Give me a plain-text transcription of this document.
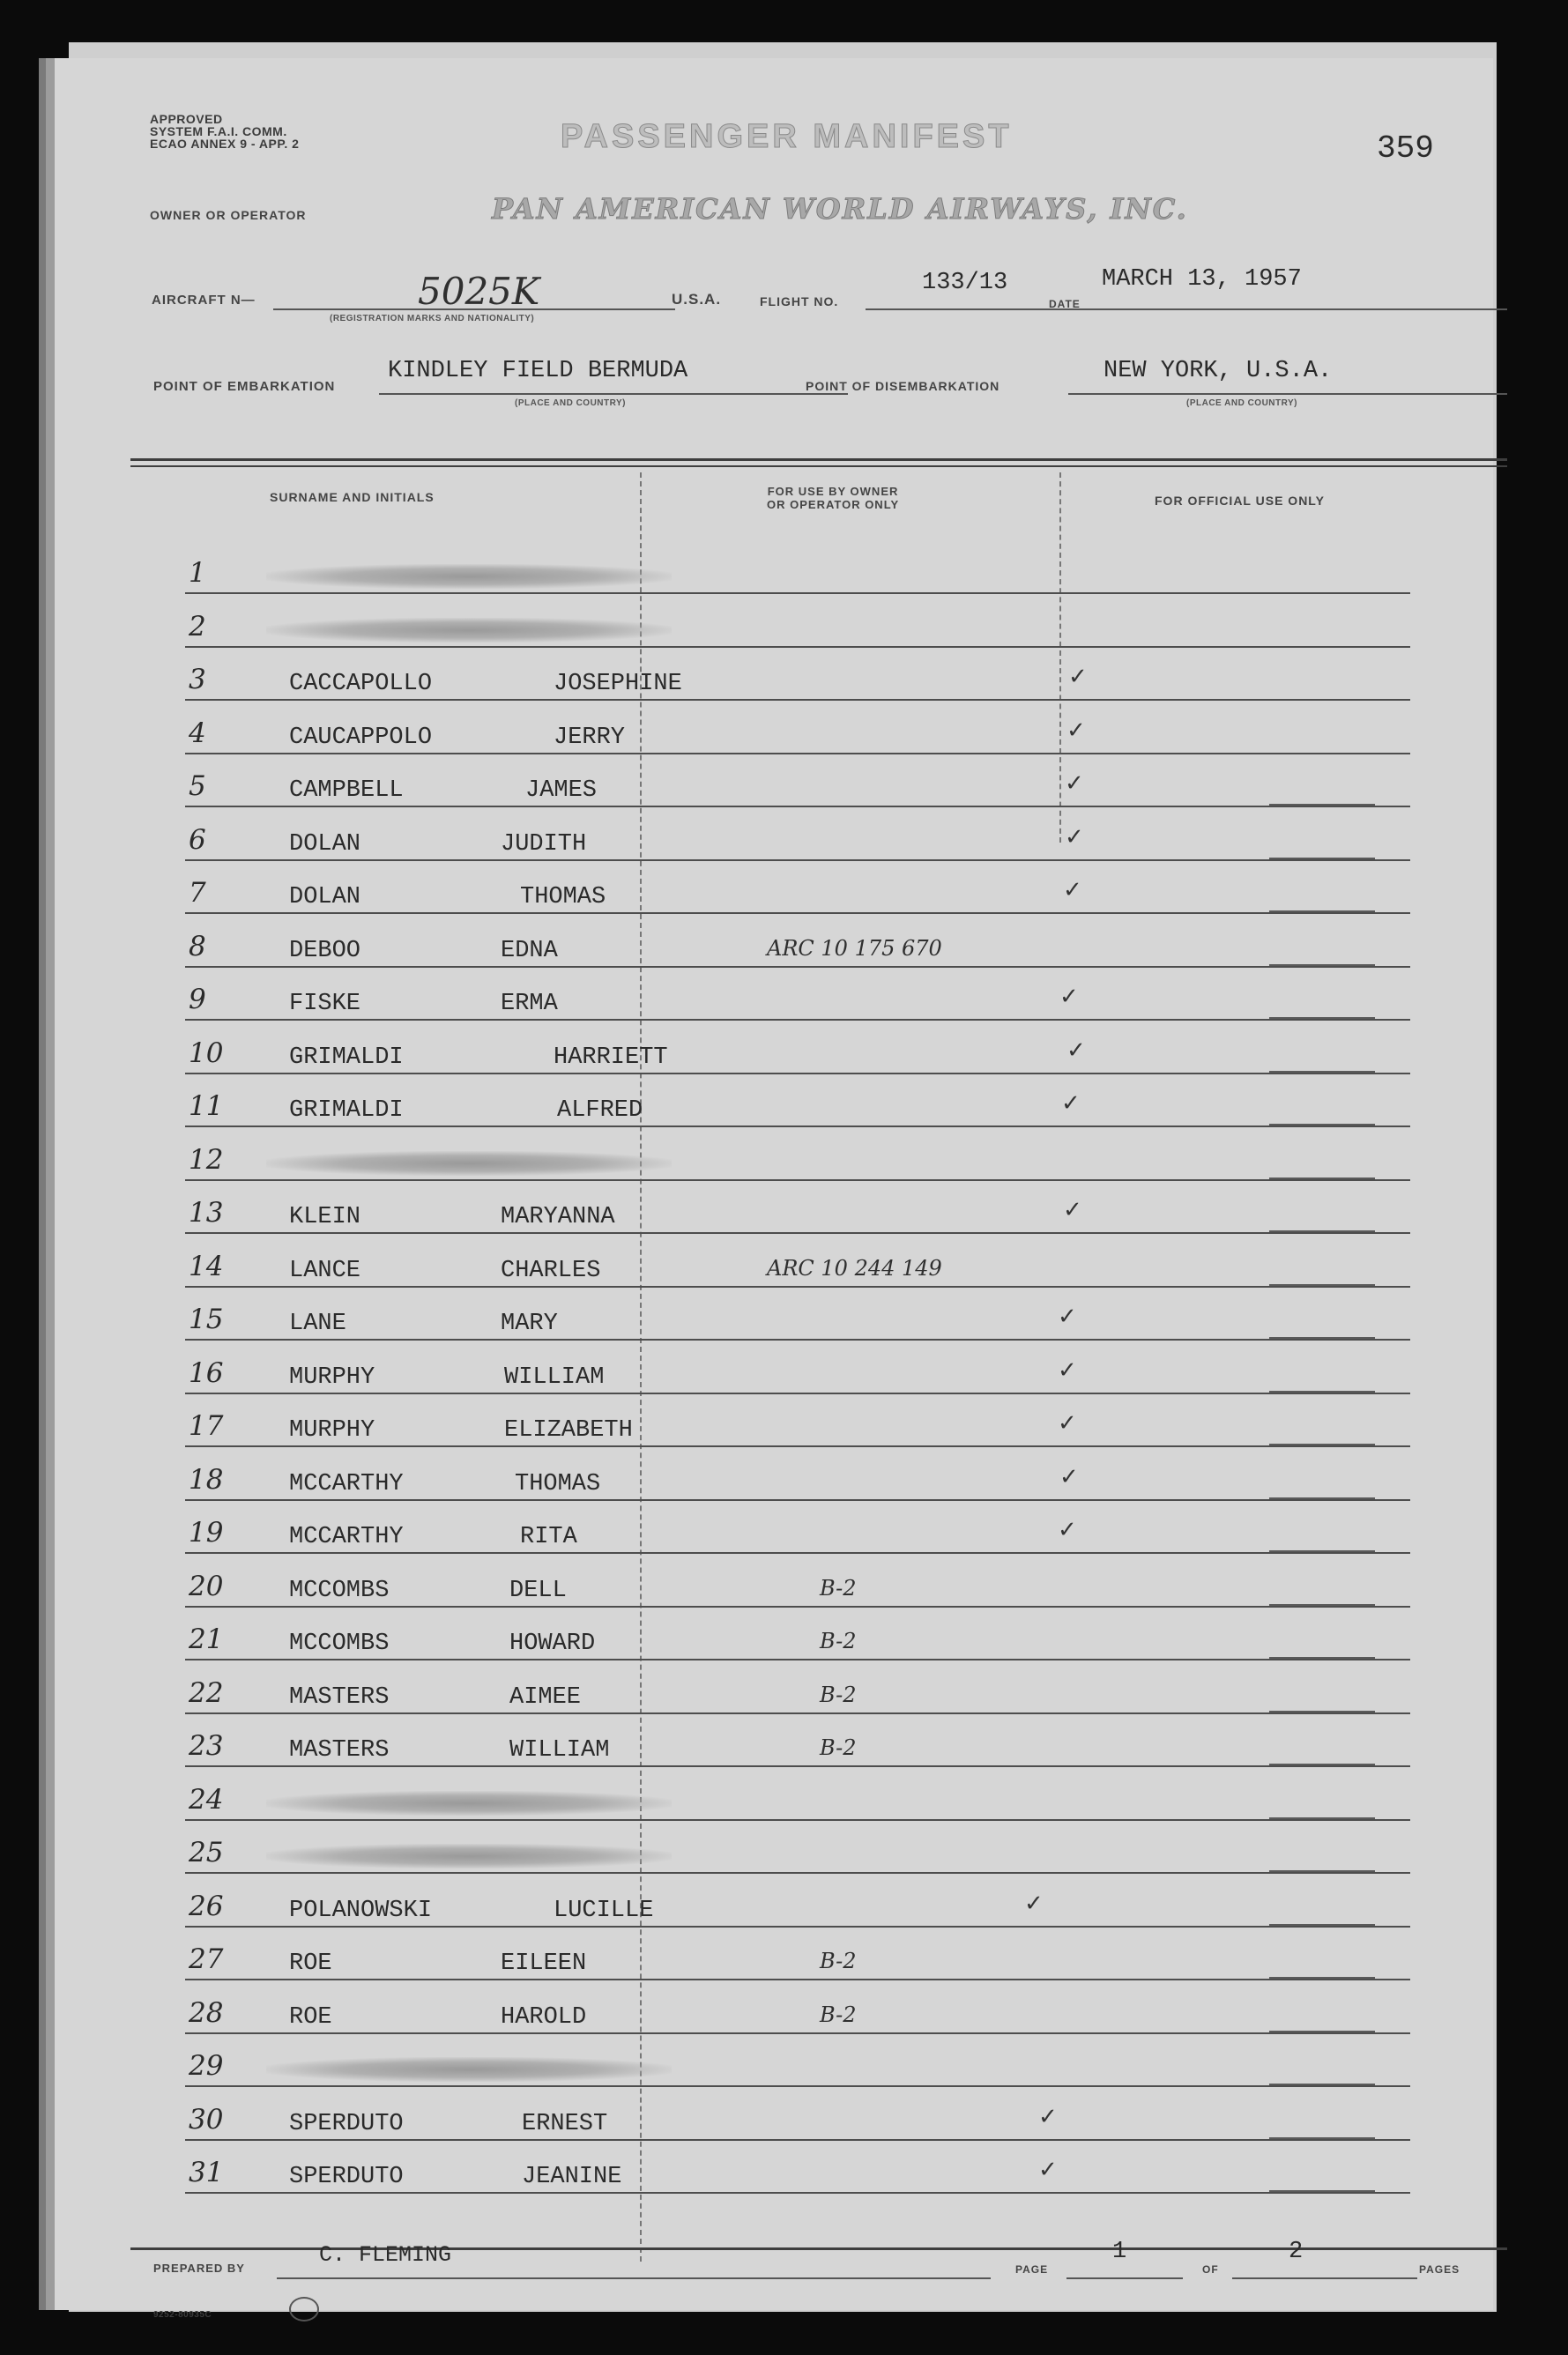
APPROVED
SYSTEM F.A.I. COMM.
ECAO ANNEX 9 - APP. 2	PASSENGER MANIFEST	359
OWNER OR OPERATOR	PAN AMERICAN WORLD AIRWAYS, INC.
AIRCRAFT N—	5025K
(REGISTRATION MARKS AND NATIONALITY)
U.S.A.	FLIGHT NO.
133/13
DATE
MARCH 13, 1957
POINT OF EMBARKATION
KINDLEY FIELD BERMUDA
(PLACE AND COUNTRY)
POINT OF DISEMBARKATION
NEW YORK, U.S.A.
(PLACE AND COUNTRY)
SURNAME AND INITIALS	FOR USE BY OWNER
OR OPERATOR ONLY	FOR OFFICIAL USE ONLY
1
2
3	CACCAPOLLO	JOSEPHINE	✓
4	CAUCAPPOLO	JERRY	✓
5	CAMPBELL	JAMES	✓
6	DOLAN	JUDITH	✓
7	DOLAN	THOMAS	✓
8	DEBOO	EDNA	ARC 10 175 670
9	FISKE	ERMA	✓
10	GRIMALDI	HARRIETT	✓
11	GRIMALDI	ALFRED	✓
12
13	KLEIN	MARYANNA	✓
14	LANCE	CHARLES	ARC 10 244 149
15	LANE	MARY	✓
16	MURPHY	WILLIAM	✓
17	MURPHY	ELIZABETH	✓
18	MCCARTHY	THOMAS	✓
19	MCCARTHY	RITA	✓
20	MCCOMBS	DELL	B-2
21	MCCOMBS	HOWARD	B-2
22	MASTERS	AIMEE	B-2
23	MASTERS	WILLIAM	B-2
24
25
26	POLANOWSKI	LUCILLE	✓
27	ROE	EILEEN	B-2
28	ROE	HAROLD	B-2
29
30	SPERDUTO	ERNEST	✓
31	SPERDUTO	JEANINE	✓
PREPARED BY
C. FLEMING
PAGE
1
OF
2
PAGES
9252-80935C
